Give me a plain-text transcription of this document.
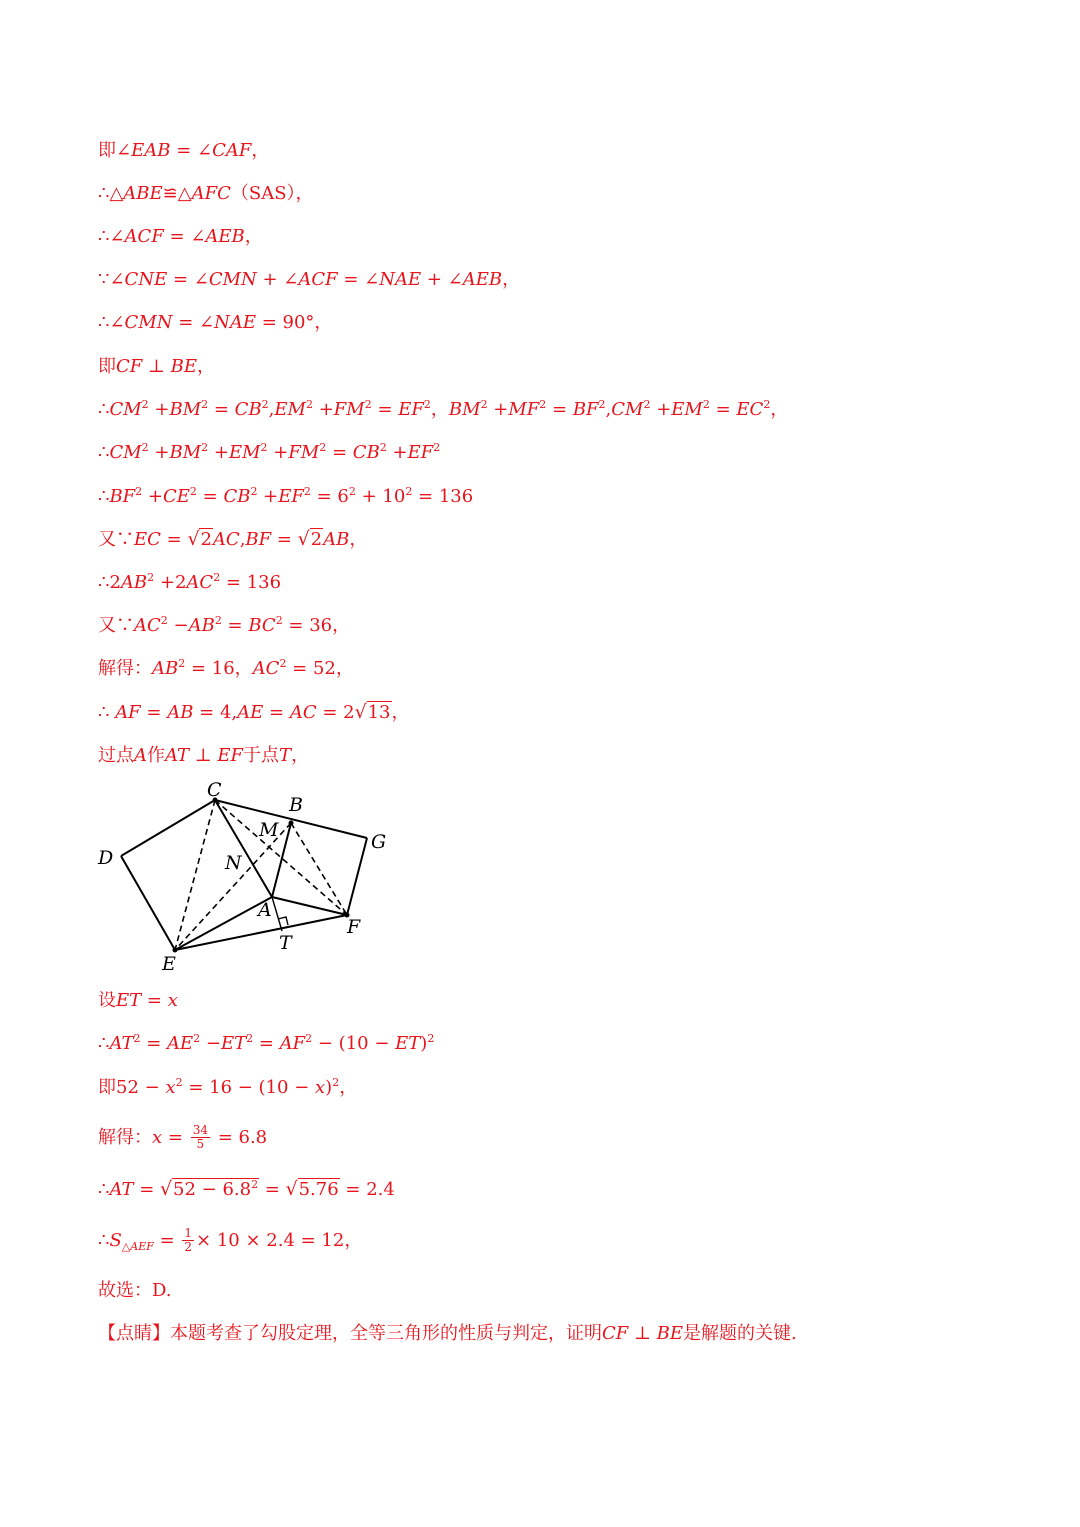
即∠EAB = ∠CAF，
∴△ABE≌△AFC（SAS），
∴∠ACF = ∠AEB，
∵∠CNE = ∠CMN + ∠ACF = ∠NAE + ∠AEB，
∴∠CMN = ∠NAE = 90°，
即CF ⊥ BE，
$\therefore CM^2 +BM^2 = CB^2,EM^2 +FM^2 = EF^2$，$BM^2 +MF^2 = BF^2,CM^2 +EM^2 = EC^2$，
$\therefore CM^2 +BM^2 +EM^2 +FM^2 = CB^2 +EF^2$
$\therefore BF^2 +CE^2 = CB^2 +EF^2 = 6^2 + 10^2 = 136$
又∵EC = √ 2AC,BF = √ 2AB，
$\therefore 2AB^2 +2AC^2 = 136$
又$\because AC^2 -AB^2 = BC^2 = 36$，
解得：$AB^2 = 16$，$AC^2 = 52$，
∴ AF = AB = 4,AE = AC = 2√ 13，
过点A作AT ⊥ EF于点T，
C
B
G
D
M
N
A
F
T
E
设ET = x
$\therefore AT^2 = AE^2 -ET^2 = AF^2 - (10 - ET)^2$
即$52 - x^2 = 16 - (10 - x)^2$，
解得：$x = \frac{34}{5} = 6.8$
∴AT = √ $52 - 6.8^2$ = √ 5.76 = 2.4
$\therefore S_{\triangle AEF} = \frac{1}{2} \times 10 \times 2.4 = 12$，
故选：D.
【点睛】本题考查了勾股定理，全等三角形的性质与判定，证明CF ⊥ BE是解题的关键.
